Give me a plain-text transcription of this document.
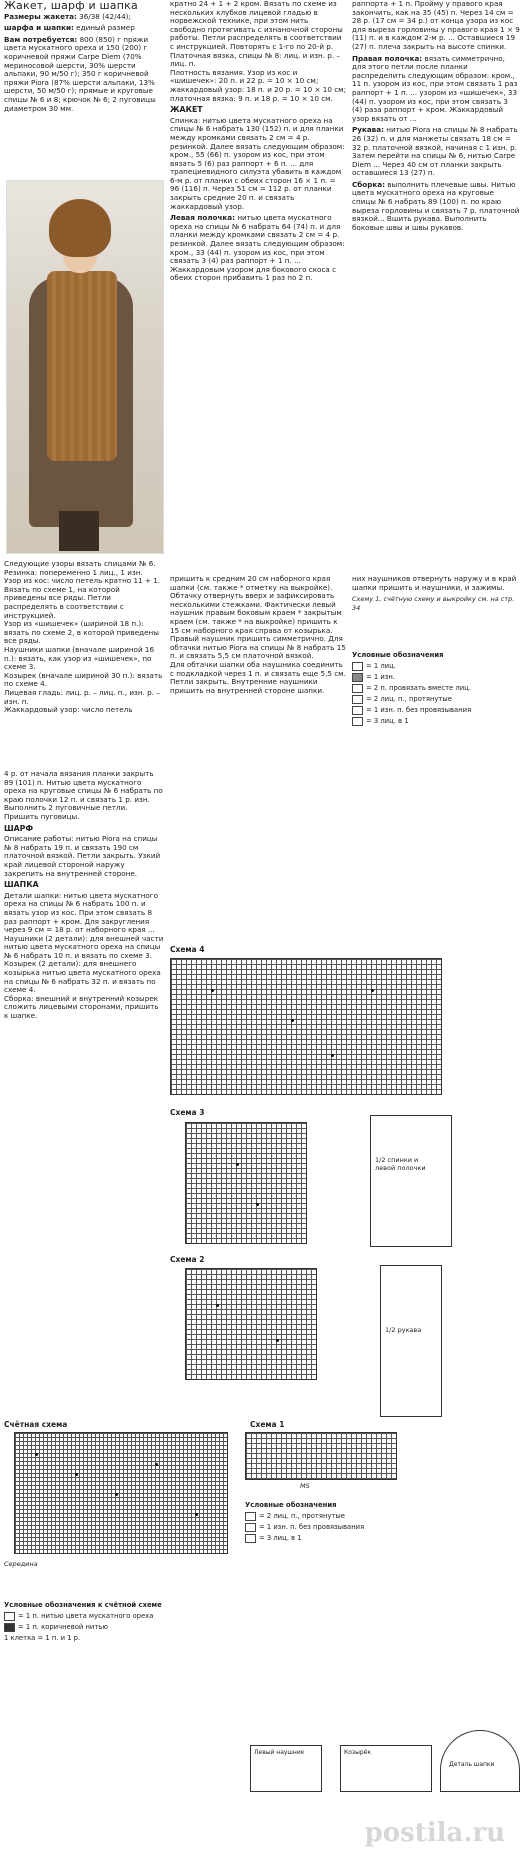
Жакет, шарф и шапка

Размеры жакета: 36/38 (42/44);

шарфа и шапки: единый размер

Вам потребуется: 800 (850) г пряжи цвета мускатного ореха и 150 (200) г коричневой пряжи Carpe Diem (70% мериносовой шерсти, 30% шерсти альпаки, 90 м/50 г); 350 г коричневой пряжи Piora (87% шерсти альпаки, 13% шерсти, 50 м/50 г); прямые и круговые спицы № 6 и 8; крючок № 6; 2 пуговицы диаметром 30 мм.

Следующие узоры вязать спицами № 6.
Резинка: попеременно 1 лиц., 1 изн.
Узор из кос: число петель кратно 11 + 1. Вязать по схеме 1, на которой приведены все ряды. Петли распределять в соответствии с инструкцией.
Узор из «шишечек» (шириной 18 п.): вязать по схеме 2, в которой приведены все ряды.
Наушники шапки (вначале шириной 16 п.): вязать, как узор из «шишечек», по схеме 3.
Козырек (вначале шириной 30 п.): вязать по схеме 4.
Лицевая гладь: лиц. р. – лиц. п., изн. р. – изн. п.
Жаккардовый узор: число петель

4 р. от начала вязания планки закрыть 89 (101) п. Нитью цвета мускатного ореха на круговые спицы № 6 набрать по краю полочки 12 п. и связать 1 р. изн. Выполнить 2 пуговичные петли. Пришить пуговицы.

ШАРФ

Описание работы: нитью Piora на спицы № 8 набрать 19 п. и связать 190 см платочной вязкой. Петли закрыть. Узкий край лицевой стороной наружу закрепить на внутренней стороне.

ШАПКА

Детали шапки: нитью цвета мускатного ореха на спицы № 6 набрать 100 п. и вязать узор из кос. При этом связать 8 раз раппорт + кром. Для закругления через 9 см = 18 р. от наборного края ...
Наушники (2 детали): для внешней части нитью цвета мускатного ореха на спицы № 6 набрать 10 п. и вязать по схеме 3.
Козырек (2 детали): для внешнего козырька нитью цвета мускатного ореха на спицы № 6 набрать 32 п. и вязать по схеме 4.
Сборка: внешний и внутренний козырек сложить лицевыми сторонами, пришить к шапке.

кратно 24 + 1 + 2 кром. Вязать по схеме из нескольких клубков лицевой гладью в норвежской технике, при этом нить свободно протягивать с изнаночной стороны работы. Петли распределять в соответствии с инструкцией. Повторять с 1-го по 20-й р.
Платочная вязка, спицы № 8: лиц. и изн. р. – лиц. п.
Плотность вязания. Узор из кос и «шишечек»: 20 п. и 22 р. = 10 × 10 см; жаккардовый узор: 18 п. и 20 р. = 10 × 10 см; платочная вязка: 9 п. и 18 р. = 10 × 10 см.

ЖАКЕТ

Спинка: нитью цвета мускатного ореха на спицы № 6 набрать 130 (152) п. и для планки между кромками связать 2 см = 4 р. резинкой. Далее вязать следующим образом: кром., 55 (66) п. узором из кос, при этом вязать 5 (6) раз раппорт + 6 п. ... для трапециевидного силуэта убавить в каждом 6-м р. от планки с обеих сторон 16 × 1 п. = 96 (116) п. Через 51 см = 112 р. от планки закрыть средние 20 п. и связать жаккардовый узор.

Левая полочка: нитью цвета мускатного ореха на спицы № 6 набрать 64 (74) п. и для планки между кромками связать 2 см = 4 р. резинкой. Далее вязать следующим образом: кром., 33 (44) п. узором из кос, при этом связать 3 (4) раз раппорт + 1 п. ... Жаккардовым узором для бокового скоса с обеих сторон прибавить 1 раз по 2 п.

пришить к средним 20 см наборного края шапки (см. также * отметку на выкройке). Обтачку отвернуть вверх и зафиксировать несколькими стежками. Фактически левый наушник правым боковым краем * закрытым краем (см. также * на выкройке) пришить к 15 см наборного края справа от козырька. Правый наушник пришить симметрично. Для обтачки нитью Piora на спицы № 8 набрать 15 п. и связать 5,5 см платочной вязкой.
Для обтачки шапки оба наушника соединить с подкладкой через 1 п. и связать еще 5,5 см. Петли закрыть. Внутренние наушники пришить на внутренней стороне шапки.

раппорта + 1 п. Пройму у правого края закончить, как на 35 (45) п. Через 14 см = 28 р. (17 см = 34 р.) от конца узора из кос для выреза горловины у правого края 1 × 9 (11) п. и в каждом 2-м р. ... Оставшиеся 19 (27) п. плеча закрыть на высоте спинки.

Правая полочка: вязать симметрично, для этого петли после планки распределить следующим образом: кром., 11 п. узором из кос, при этом связать 1 раз раппорт + 1 п. ... узором из «шишечек», 33 (44) п. узором из кос, при этом связать 3 (4) раза раппорт + кром. Жаккардовый узор вязать от ...

Рукава: нитью Piora на спицы № 8 набрать 26 (32) п. и для манжеты связать 18 см = 32 р. платочной вязкой, начиная с 1 изн. р. Затем перейти на спицы № 6, нитью Carpe Diem ... Через 40 см от планки закрыть оставшиеся 13 (27) п.

Сборка: выполнить плечевые швы. Нитью цвета мускатного ореха на круговые спицы № 6 набрать 89 (100) п. по краю выреза горловины и связать 7 р. платочной вязкой... Вшить рукава. Выполнить боковые швы и швы рукавов.

них наушников отвернуть наружу и в край шапки пришить и наушники, и зажимы.

Схему 1, счётную схему и выкройку см. на стр. 34

Условные обозначения
= 1 лиц.
= 1 изн.
= 2 п. провязать вместе лиц.
= 2 лиц. п., протянутые
= 1 изн. п. без провязывания
= 3 лиц. в 1
Схема 4
Схема 3
Схема 2
1/2 спинки и левой полочки
1/2 рукава
Счётная схема
Середина
Схема 1
MS
Условные обозначения
= 2 лиц. п., протянутые
= 1 изн. п. без провязывания
= 3 лиц. в 1
Условные обозначения к счётной схеме
= 1 п. нитью цвета мускатного ореха
= 1 п. коричневой нитью
1 клетка = 1 п. и 1 р.
Левый наушник	Козырёк
Деталь шапки
postila.ru
